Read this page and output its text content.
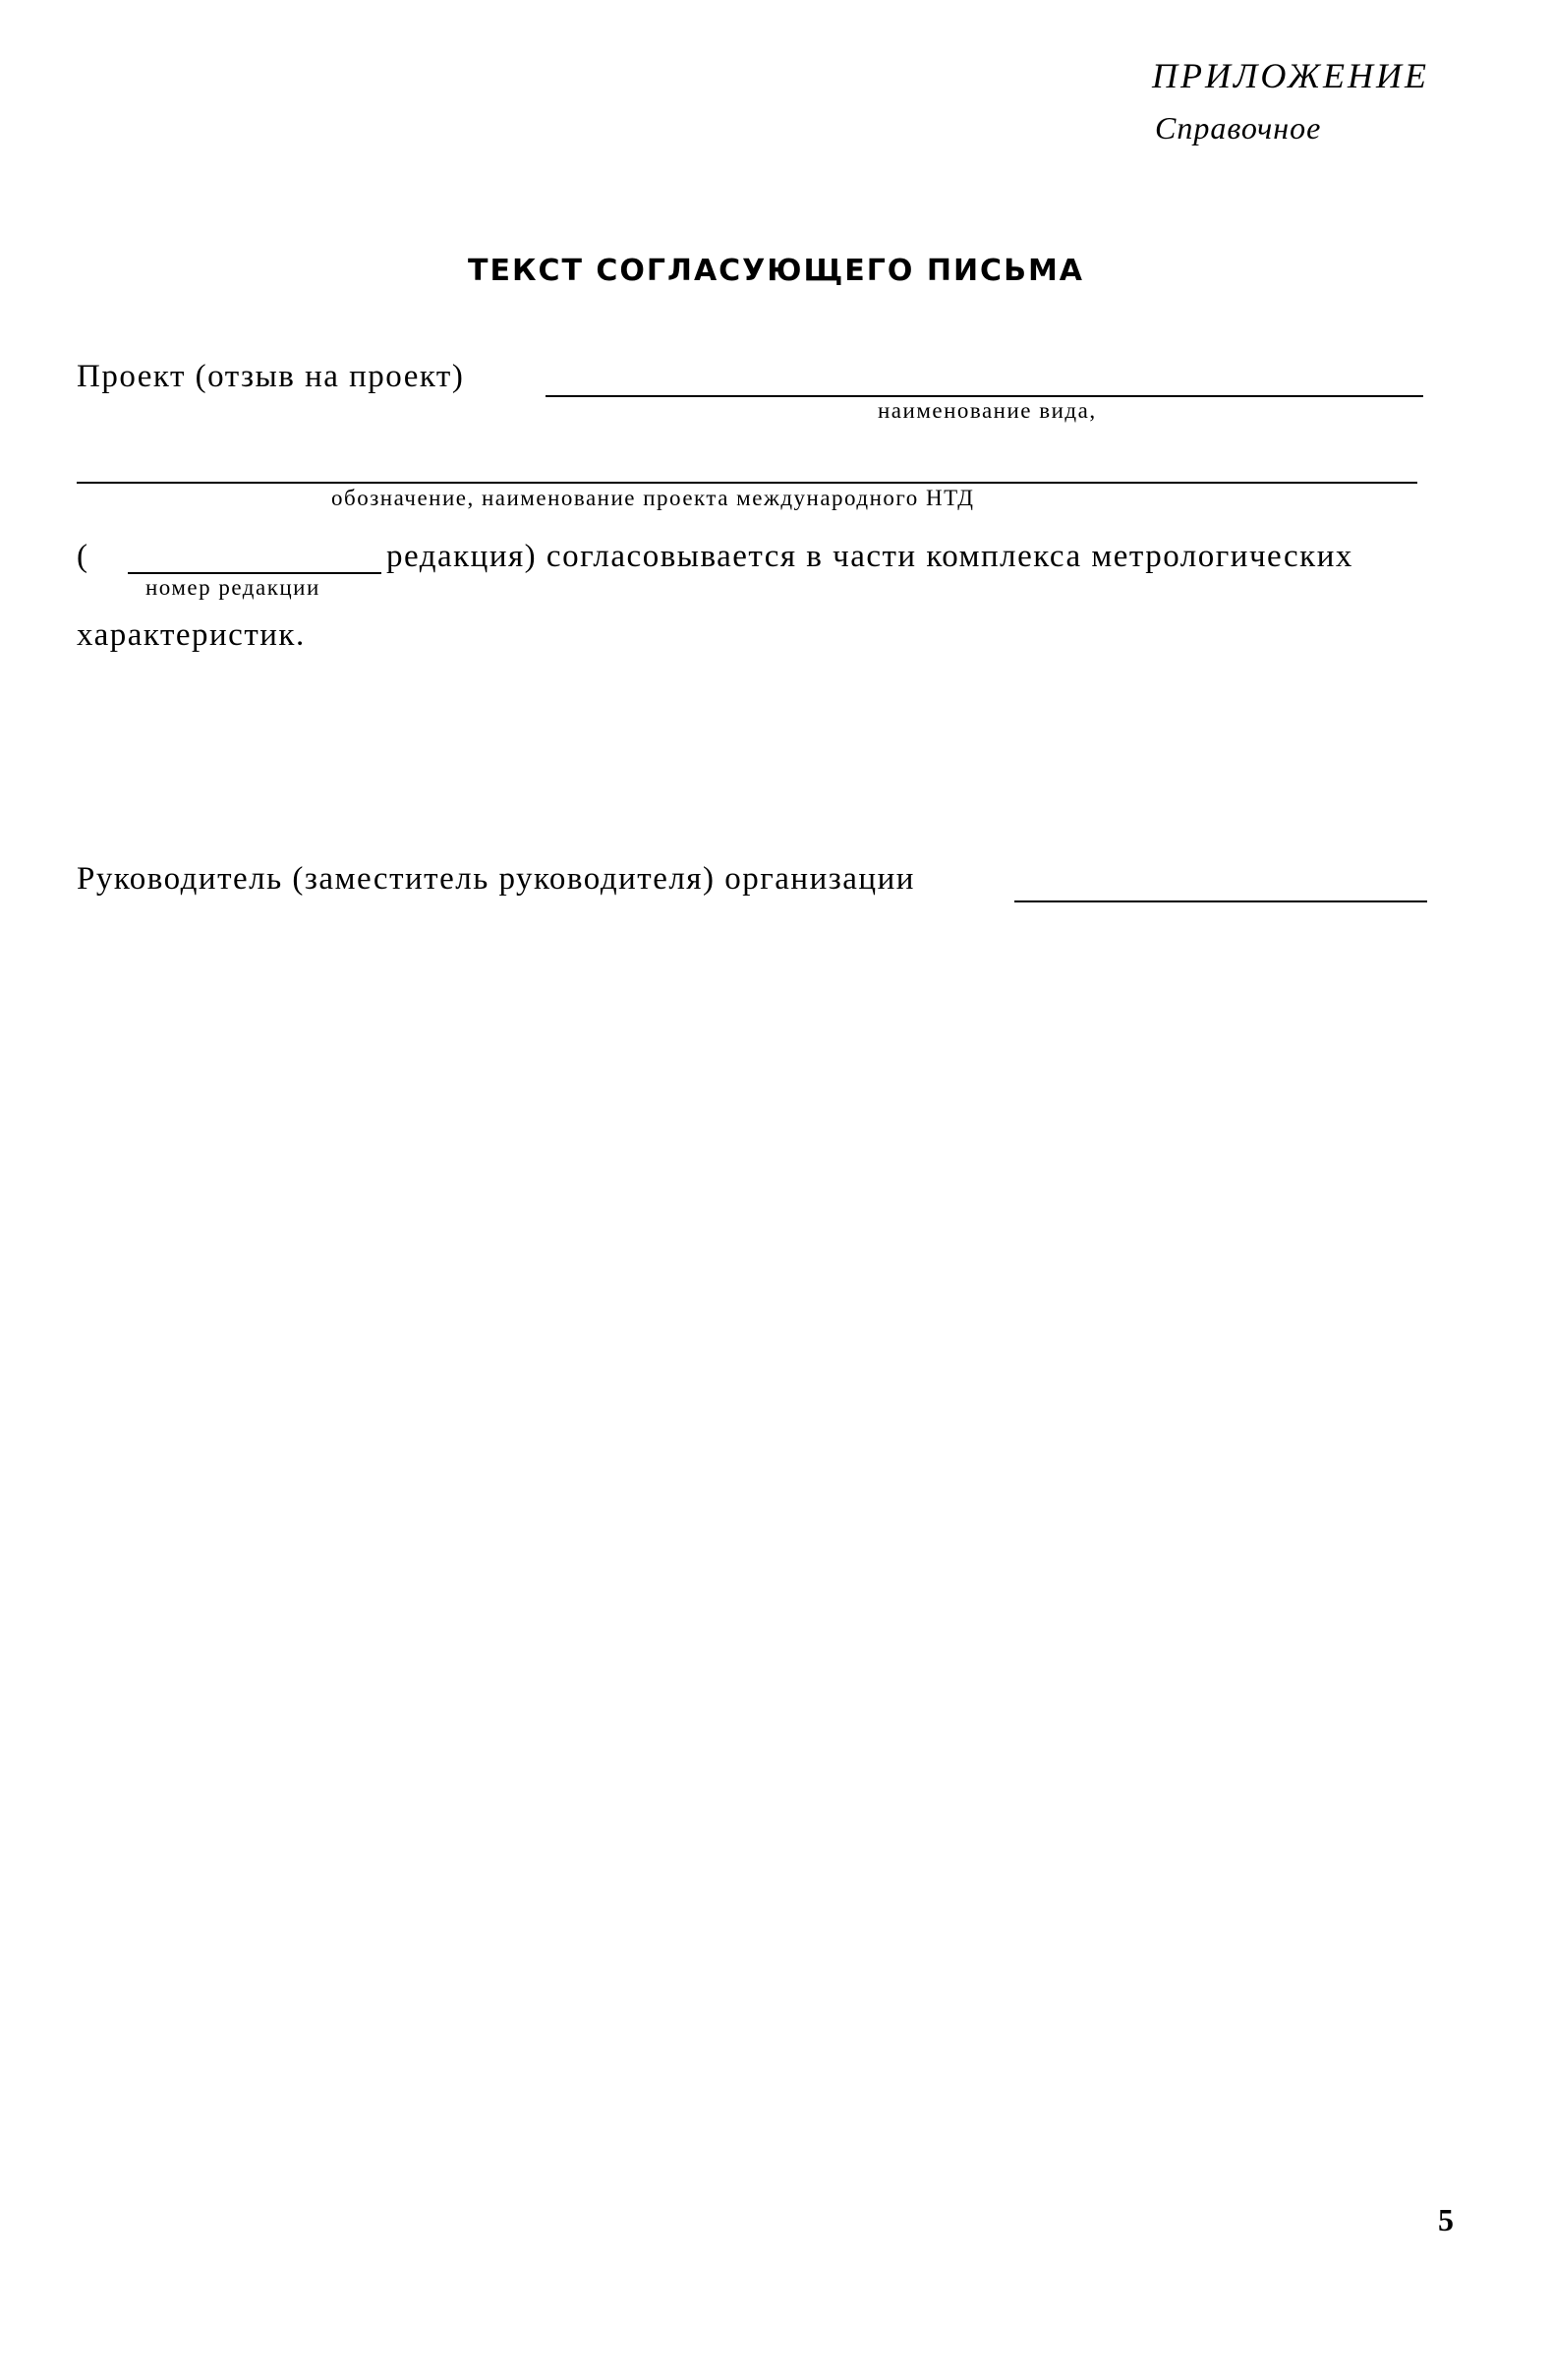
ПРИЛОЖЕНИЕ
Справочное
ТЕКСТ СОГЛАСУЮЩЕГО ПИСЬМА
Проект (отзыв на проект)
наименование вида,
обозначение, наименование проекта международного НТД
(	редакция) согласовывается в части комплекса метрологических
номер редакции
характеристик.
Руководитель (заместитель руководителя) организации
5
